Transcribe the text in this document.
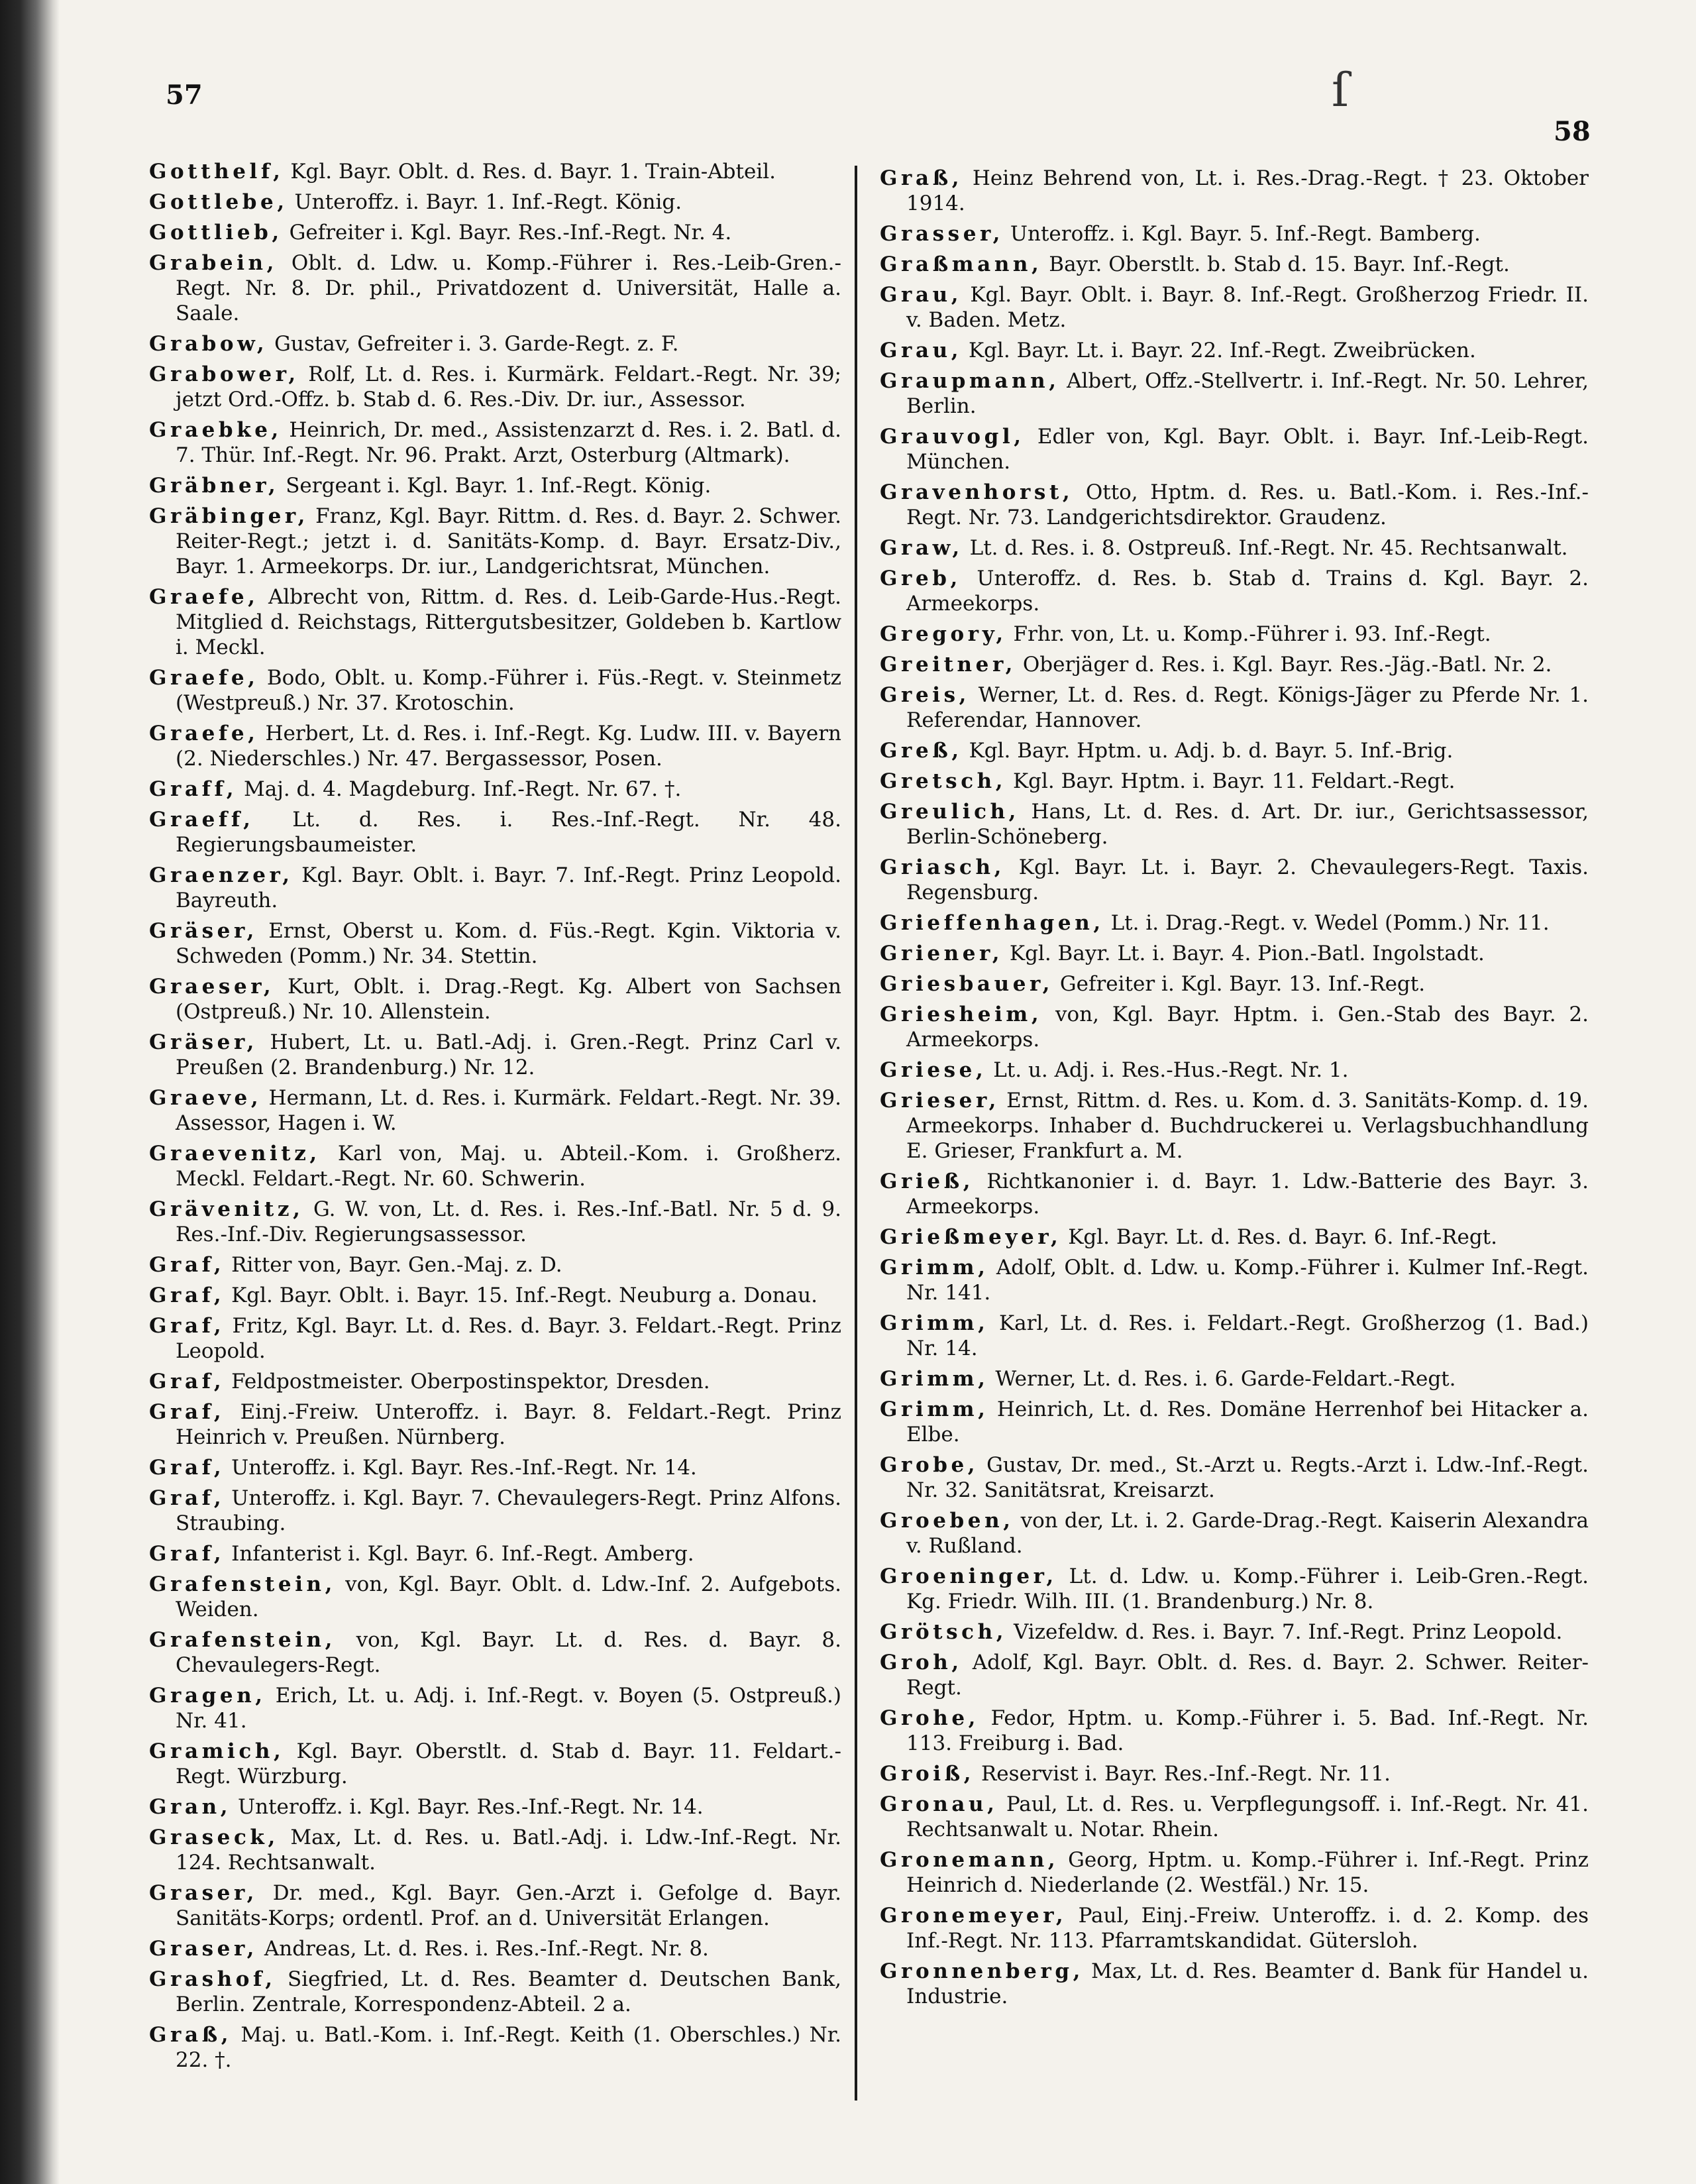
57	ſ
58

Gotthelf, Kgl. Bayr. Oblt. d. Res. d. Bayr. 1. Train-Abteil.

Gottlebe, Unteroffz. i. Bayr. 1. Inf.-Regt. König.

Gottlieb, Gefreiter i. Kgl. Bayr. Res.-Inf.-Regt. Nr. 4.

Grabein, Oblt. d. Ldw. u. Komp.-Führer i. Res.-Leib-Gren.-Regt. Nr. 8. Dr. phil., Privatdozent d. Universität, Halle a. Saale.

Grabow, Gustav, Gefreiter i. 3. Garde-Regt. z. F.

Grabower, Rolf, Lt. d. Res. i. Kurmärk. Feldart.-Regt. Nr. 39; jetzt Ord.-Offz. b. Stab d. 6. Res.-Div. Dr. iur., Assessor.

Graebke, Heinrich, Dr. med., Assistenzarzt d. Res. i. 2. Batl. d. 7. Thür. Inf.-Regt. Nr. 96. Prakt. Arzt, Osterburg (Altmark).

Gräbner, Sergeant i. Kgl. Bayr. 1. Inf.-Regt. König.

Gräbinger, Franz, Kgl. Bayr. Rittm. d. Res. d. Bayr. 2. Schwer. Reiter-Regt.; jetzt i. d. Sanitäts-Komp. d. Bayr. Ersatz-Div., Bayr. 1. Armeekorps. Dr. iur., Landgerichtsrat, München.

Graefe, Albrecht von, Rittm. d. Res. d. Leib-Garde-Hus.-Regt. Mitglied d. Reichstags, Rittergutsbesitzer, Goldeben b. Kartlow i. Meckl.

Graefe, Bodo, Oblt. u. Komp.-Führer i. Füs.-Regt. v. Steinmetz (Westpreuß.) Nr. 37. Krotoschin.

Graefe, Herbert, Lt. d. Res. i. Inf.-Regt. Kg. Ludw. III. v. Bayern (2. Niederschles.) Nr. 47. Bergassessor, Posen.

Graff, Maj. d. 4. Magdeburg. Inf.-Regt. Nr. 67. †.

Graeff, Lt. d. Res. i. Res.-Inf.-Regt. Nr. 48. Regierungsbaumeister.

Graenzer, Kgl. Bayr. Oblt. i. Bayr. 7. Inf.-Regt. Prinz Leopold. Bayreuth.

Gräser, Ernst, Oberst u. Kom. d. Füs.-Regt. Kgin. Viktoria v. Schweden (Pomm.) Nr. 34. Stettin.

Graeser, Kurt, Oblt. i. Drag.-Regt. Kg. Albert von Sachsen (Ostpreuß.) Nr. 10. Allenstein.

Gräser, Hubert, Lt. u. Batl.-Adj. i. Gren.-Regt. Prinz Carl v. Preußen (2. Brandenburg.) Nr. 12.

Graeve, Hermann, Lt. d. Res. i. Kurmärk. Feldart.-Regt. Nr. 39. Assessor, Hagen i. W.

Graevenitz, Karl von, Maj. u. Abteil.-Kom. i. Großherz. Meckl. Feldart.-Regt. Nr. 60. Schwerin.

Grävenitz, G. W. von, Lt. d. Res. i. Res.-Inf.-Batl. Nr. 5 d. 9. Res.-Inf.-Div. Regierungsassessor.

Graf, Ritter von, Bayr. Gen.-Maj. z. D.

Graf, Kgl. Bayr. Oblt. i. Bayr. 15. Inf.-Regt. Neuburg a. Donau.

Graf, Fritz, Kgl. Bayr. Lt. d. Res. d. Bayr. 3. Feldart.-Regt. Prinz Leopold.

Graf, Feldpostmeister. Oberpostinspektor, Dresden.

Graf, Einj.-Freiw. Unteroffz. i. Bayr. 8. Feldart.-Regt. Prinz Heinrich v. Preußen. Nürnberg.

Graf, Unteroffz. i. Kgl. Bayr. Res.-Inf.-Regt. Nr. 14.

Graf, Unteroffz. i. Kgl. Bayr. 7. Chevaulegers-Regt. Prinz Alfons. Straubing.

Graf, Infanterist i. Kgl. Bayr. 6. Inf.-Regt. Amberg.

Grafenstein, von, Kgl. Bayr. Oblt. d. Ldw.-Inf. 2. Aufgebots. Weiden.

Grafenstein, von, Kgl. Bayr. Lt. d. Res. d. Bayr. 8. Chevaulegers-Regt.

Gragen, Erich, Lt. u. Adj. i. Inf.-Regt. v. Boyen (5. Ostpreuß.) Nr. 41.

Gramich, Kgl. Bayr. Oberstlt. d. Stab d. Bayr. 11. Feldart.-Regt. Würzburg.

Gran, Unteroffz. i. Kgl. Bayr. Res.-Inf.-Regt. Nr. 14.

Graseck, Max, Lt. d. Res. u. Batl.-Adj. i. Ldw.-Inf.-Regt. Nr. 124. Rechtsanwalt.

Graser, Dr. med., Kgl. Bayr. Gen.-Arzt i. Gefolge d. Bayr. Sanitäts-Korps; ordentl. Prof. an d. Universität Erlangen.

Graser, Andreas, Lt. d. Res. i. Res.-Inf.-Regt. Nr. 8.

Grashof, Siegfried, Lt. d. Res. Beamter d. Deutschen Bank, Berlin. Zentrale, Korrespondenz-Abteil. 2 a.

Graß, Maj. u. Batl.-Kom. i. Inf.-Regt. Keith (1. Oberschles.) Nr. 22. †.

Graß, Heinz Behrend von, Lt. i. Res.-Drag.-Regt. † 23. Oktober 1914.

Grasser, Unteroffz. i. Kgl. Bayr. 5. Inf.-Regt. Bamberg.

Graßmann, Bayr. Oberstlt. b. Stab d. 15. Bayr. Inf.-Regt.

Grau, Kgl. Bayr. Oblt. i. Bayr. 8. Inf.-Regt. Großherzog Friedr. II. v. Baden. Metz.

Grau, Kgl. Bayr. Lt. i. Bayr. 22. Inf.-Regt. Zweibrücken.

Graupmann, Albert, Offz.-Stellvertr. i. Inf.-Regt. Nr. 50. Lehrer, Berlin.

Grauvogl, Edler von, Kgl. Bayr. Oblt. i. Bayr. Inf.-Leib-Regt. München.

Gravenhorst, Otto, Hptm. d. Res. u. Batl.-Kom. i. Res.-Inf.-Regt. Nr. 73. Landgerichtsdirektor. Graudenz.

Graw, Lt. d. Res. i. 8. Ostpreuß. Inf.-Regt. Nr. 45. Rechtsanwalt.

Greb, Unteroffz. d. Res. b. Stab d. Trains d. Kgl. Bayr. 2. Armeekorps.

Gregory, Frhr. von, Lt. u. Komp.-Führer i. 93. Inf.-Regt.

Greitner, Oberjäger d. Res. i. Kgl. Bayr. Res.-Jäg.-Batl. Nr. 2.

Greis, Werner, Lt. d. Res. d. Regt. Königs-Jäger zu Pferde Nr. 1. Referendar, Hannover.

Greß, Kgl. Bayr. Hptm. u. Adj. b. d. Bayr. 5. Inf.-Brig.

Gretsch, Kgl. Bayr. Hptm. i. Bayr. 11. Feldart.-Regt.

Greulich, Hans, Lt. d. Res. d. Art. Dr. iur., Gerichtsassessor, Berlin-Schöneberg.

Griasch, Kgl. Bayr. Lt. i. Bayr. 2. Chevaulegers-Regt. Taxis. Regensburg.

Grieffenhagen, Lt. i. Drag.-Regt. v. Wedel (Pomm.) Nr. 11.

Griener, Kgl. Bayr. Lt. i. Bayr. 4. Pion.-Batl. Ingolstadt.

Griesbauer, Gefreiter i. Kgl. Bayr. 13. Inf.-Regt.

Griesheim, von, Kgl. Bayr. Hptm. i. Gen.-Stab des Bayr. 2. Armeekorps.

Griese, Lt. u. Adj. i. Res.-Hus.-Regt. Nr. 1.

Grieser, Ernst, Rittm. d. Res. u. Kom. d. 3. Sanitäts-Komp. d. 19. Armeekorps. Inhaber d. Buchdruckerei u. Verlagsbuchhandlung E. Grieser, Frankfurt a. M.

Grieß, Richtkanonier i. d. Bayr. 1. Ldw.-Batterie des Bayr. 3. Armeekorps.

Grießmeyer, Kgl. Bayr. Lt. d. Res. d. Bayr. 6. Inf.-Regt.

Grimm, Adolf, Oblt. d. Ldw. u. Komp.-Führer i. Kulmer Inf.-Regt. Nr. 141.

Grimm, Karl, Lt. d. Res. i. Feldart.-Regt. Großherzog (1. Bad.) Nr. 14.

Grimm, Werner, Lt. d. Res. i. 6. Garde-Feldart.-Regt.

Grimm, Heinrich, Lt. d. Res. Domäne Herrenhof bei Hitacker a. Elbe.

Grobe, Gustav, Dr. med., St.-Arzt u. Regts.-Arzt i. Ldw.-Inf.-Regt. Nr. 32. Sanitätsrat, Kreisarzt.

Groeben, von der, Lt. i. 2. Garde-Drag.-Regt. Kaiserin Alexandra v. Rußland.

Groeninger, Lt. d. Ldw. u. Komp.-Führer i. Leib-Gren.-Regt. Kg. Friedr. Wilh. III. (1. Brandenburg.) Nr. 8.

Grötsch, Vizefeldw. d. Res. i. Bayr. 7. Inf.-Regt. Prinz Leopold.

Groh, Adolf, Kgl. Bayr. Oblt. d. Res. d. Bayr. 2. Schwer. Reiter-Regt.

Grohe, Fedor, Hptm. u. Komp.-Führer i. 5. Bad. Inf.-Regt. Nr. 113. Freiburg i. Bad.

Groiß, Reservist i. Bayr. Res.-Inf.-Regt. Nr. 11.

Gronau, Paul, Lt. d. Res. u. Verpflegungsoff. i. Inf.-Regt. Nr. 41. Rechtsanwalt u. Notar. Rhein.

Gronemann, Georg, Hptm. u. Komp.-Führer i. Inf.-Regt. Prinz Heinrich d. Niederlande (2. Westfäl.) Nr. 15.

Gronemeyer, Paul, Einj.-Freiw. Unteroffz. i. d. 2. Komp. des Inf.-Regt. Nr. 113. Pfarramtskandidat. Gütersloh.

Gronnenberg, Max, Lt. d. Res. Beamter d. Bank für Handel u. Industrie.
